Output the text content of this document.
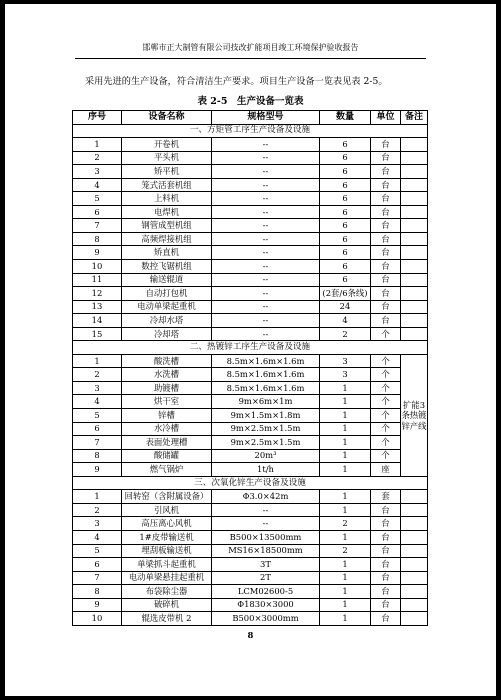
邯郸市正大制管有限公司技改扩能项目竣工环境保护验收报告
采用先进的生产设备，符合清洁生产要求。项目生产设备一览表见表 2-5。
表 2-5　生产设备一览表
序号	设备名称	规格型号	数量	单位	备注
一、方矩管工序生产设备及设施					
1	开卷机	--	6	台	
2	平头机	--	6	台	
3	矫平机	--	6	台	
4	笼式活套机组	--	6	台	
5	上料机	--	6	台	
6	电焊机	--	6	台	
7	钢管成型机组	--	6	台	
8	高频焊接机组	--	6	台	
9	矫直机	--	6	台	
10	数控飞锯机组	--	6	台	
11	输送辊道	--	6	台	
12	自动打包机	--	(2套/6条线)	台	
13	电动单梁起重机	--	24	台	
14	冷却水塔	--	4	台	
15	冷却塔	--	2	个	
二、热镀锌工序生产设备及设施					
1	酸洗槽	8.5m×1.6m×1.6m	3	个	扩能3条热镀锌产线
2	水洗槽	8.5m×1.6m×1.6m	3	个	
3	助镀槽	8.5m×1.6m×1.6m	1	个	
4	烘干室	9m×6m×1m	1	个	
5	锌槽	9m×1.5m×1.8m	1	个	
6	水冷槽	9m×2.5m×1.5m	1	个	
7	表面处理槽	9m×2.5m×1.5m	1	个	
8	酸储罐	20m³	1	个	
9	燃气锅炉	1t/h	1	座	
三、次氧化锌生产设备及设施					
1	回转窑（含附属设备）	Φ3.0×42m	1	套	
2	引风机	--	1	台	
3	高压离心风机	--	2	台	
4	1#皮带输送机	B500×13500mm	1	台	
5	埋刮板输送机	MS16×18500mm	2	台	
6	单梁抓斗起重机	3T	1	台	
7	电动单梁悬挂起重机	2T	1	台	
8	布袋除尘器	LCM02600-5	1	台	
9	破碎机	Φ1830×3000	1	台	
10	辊选皮带机 2	B500×3000mm	1	台	
8
